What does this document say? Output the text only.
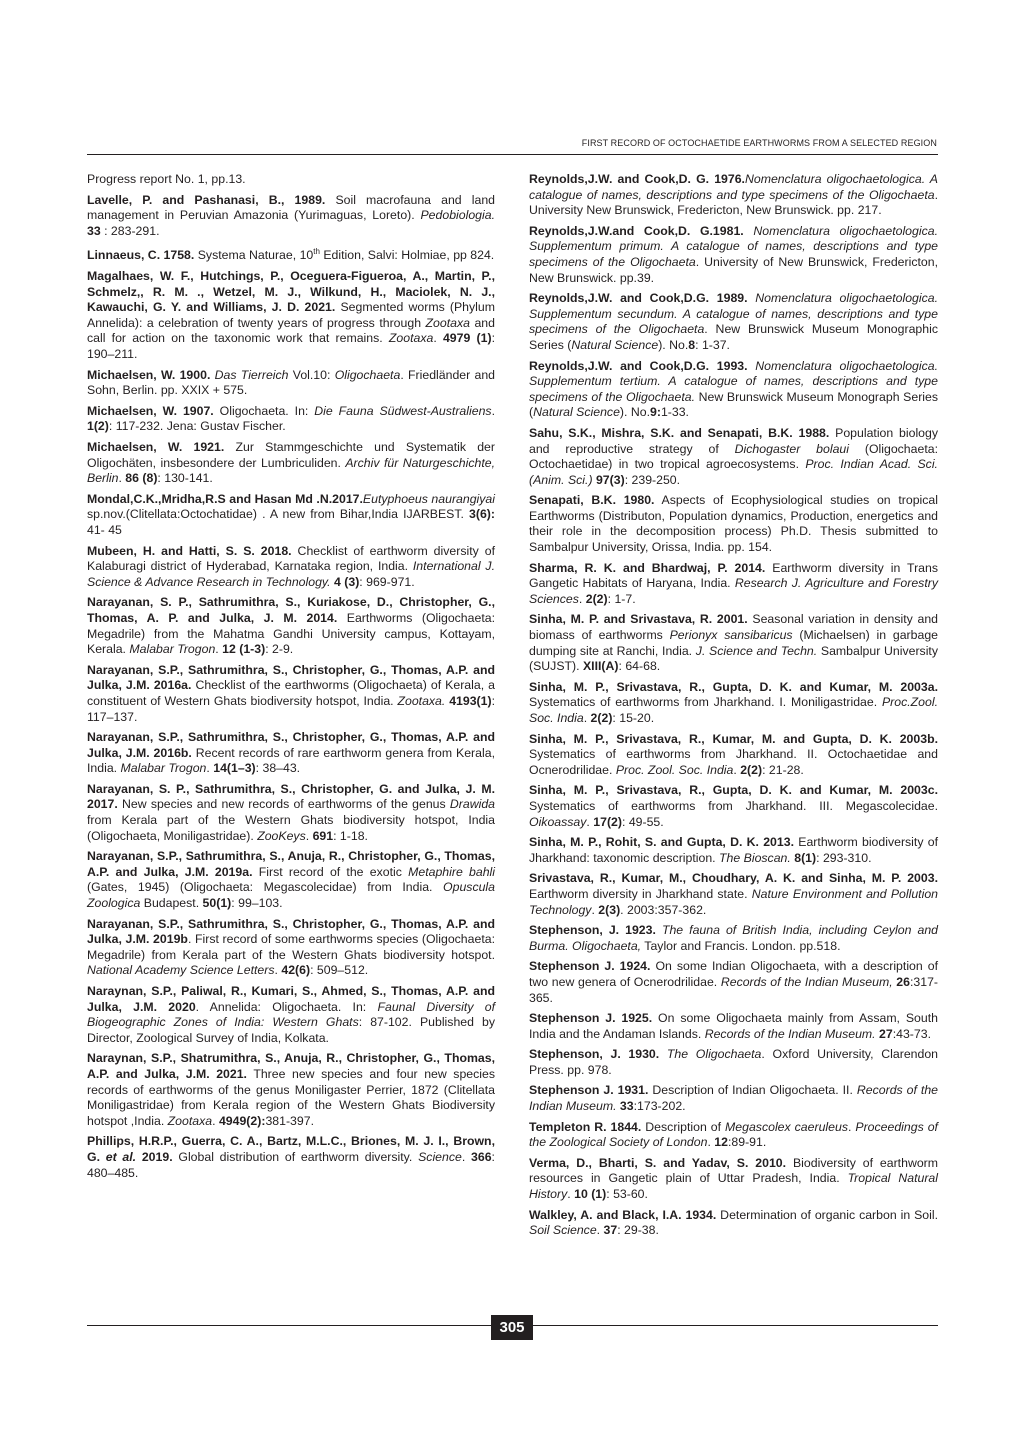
FIRST RECORD OF OCTOCHAETIDE EARTHWORMS FROM A SELECTED REGION

Progress report No. 1, pp.13.

Lavelle, P. and Pashanasi, B., 1989. Soil macrofauna and land management in Peruvian Amazonia (Yurimaguas, Loreto). Pedobiologia. 33 : 283-291.

Linnaeus, C. 1758. Systema Naturae, 10th Edition, Salvi: Holmiae, pp 824.

Magalhaes, W. F., Hutchings, P., Oceguera-Figueroa, A., Martin, P., Schmelz,, R. M. ., Wetzel, M. J., Wilkund, H., Maciolek, N. J., Kawauchi, G. Y. and Williams, J. D. 2021. Segmented worms (Phylum Annelida): a celebration of twenty years of progress through Zootaxa and call for action on the taxonomic work that remains. Zootaxa. 4979 (1): 190–211.

Michaelsen, W. 1900. Das Tierreich Vol.10: Oligochaeta. Friedländer and Sohn, Berlin. pp. XXIX + 575.

Michaelsen, W. 1907. Oligochaeta. In: Die Fauna Südwest-Australiens. 1(2): 117-232. Jena: Gustav Fischer.

Michaelsen, W. 1921. Zur Stammgeschichte und Systematik der Oligochäten, insbesondere der Lumbriculiden. Archiv für Naturgeschichte, Berlin. 86 (8): 130-141.

Mondal,C.K.,Mridha,R.S and Hasan Md .N.2017.Eutyphoeus naurangiyai sp.nov.(Clitellata:Octochatidae) . A new from Bihar,India IJARBEST. 3(6): 41- 45

Mubeen, H. and Hatti, S. S. 2018. Checklist of earthworm diversity of Kalaburagi district of Hyderabad, Karnataka region, India. International J. Science & Advance Research in Technology. 4 (3): 969-971.

Narayanan, S. P., Sathrumithra, S., Kuriakose, D., Christopher, G., Thomas, A. P. and Julka, J. M. 2014. Earthworms (Oligochaeta: Megadrile) from the Mahatma Gandhi University campus, Kottayam, Kerala. Malabar Trogon. 12 (1-3): 2-9.

Narayanan, S.P., Sathrumithra, S., Christopher, G., Thomas, A.P. and Julka, J.M. 2016a. Checklist of the earthworms (Oligochaeta) of Kerala, a constituent of Western Ghats biodiversity hotspot, India. Zootaxa. 4193(1): 117–137.

Narayanan, S.P., Sathrumithra, S., Christopher, G., Thomas, A.P. and Julka, J.M. 2016b. Recent records of rare earthworm genera from Kerala, India. Malabar Trogon. 14(1–3): 38–43.

Narayanan, S. P., Sathrumithra, S., Christopher, G. and Julka, J. M. 2017. New species and new records of earthworms of the genus Drawida from Kerala part of the Western Ghats biodiversity hotspot, India (Oligochaeta, Moniligastridae). ZooKeys. 691: 1-18.

Narayanan, S.P., Sathrumithra, S., Anuja, R., Christopher, G., Thomas, A.P. and Julka, J.M. 2019a. First record of the exotic Metaphire bahli (Gates, 1945) (Oligochaeta: Megascolecidae) from India. Opuscula Zoologica Budapest. 50(1): 99–103.

Narayanan, S.P., Sathrumithra, S., Christopher, G., Thomas, A.P. and Julka, J.M. 2019b. First record of some earthworms species (Oligochaeta: Megadrile) from Kerala part of the Western Ghats biodiversity hotspot. National Academy Science Letters. 42(6): 509–512.

Naraynan, S.P., Paliwal, R., Kumari, S., Ahmed, S., Thomas, A.P. and Julka, J.M. 2020. Annelida: Oligochaeta. In: Faunal Diversity of Biogeographic Zones of India: Western Ghats: 87-102. Published by Director, Zoological Survey of India, Kolkata.

Naraynan, S.P., Shatrumithra, S., Anuja, R., Christopher, G., Thomas, A.P. and Julka, J.M. 2021. Three new species and four new species records of earthworms of the genus Moniligaster Perrier, 1872 (Clitellata Moniligastridae) from Kerala region of the Western Ghats Biodiversity hotspot ,India. Zootaxa. 4949(2):381-397.

Phillips, H.R.P., Guerra, C. A., Bartz, M.L.C., Briones, M. J. I., Brown, G. et al. 2019. Global distribution of earthworm diversity. Science. 366: 480–485.

Reynolds,J.W. and Cook,D. G. 1976.Nomenclatura oligochaetologica. A catalogue of names, descriptions and type specimens of the Oligochaeta. University New Brunswick, Fredericton, New Brunswick. pp. 217.

Reynolds,J.W.and Cook,D. G.1981. Nomenclatura oligochaetologica. Supplementum primum. A catalogue of names, descriptions and type specimens of the Oligochaeta. University of New Brunswick, Fredericton, New Brunswick. pp.39.

Reynolds,J.W. and Cook,D.G. 1989. Nomenclatura oligochaetologica. Supplementum secundum. A catalogue of names, descriptions and type specimens of the Oligochaeta. New Brunswick Museum Monographic Series (Natural Science). No.8: 1-37.

Reynolds,J.W. and Cook,D.G. 1993. Nomenclatura oligochaetologica. Supplementum tertium. A catalogue of names, descriptions and type specimens of the Oligochaeta. New Brunswick Museum Monograph Series (Natural Science). No.9:1-33.

Sahu, S.K., Mishra, S.K. and Senapati, B.K. 1988. Population biology and reproductive strategy of Dichogaster bolaui (Oligochaeta: Octochaetidae) in two tropical agroecosystems. Proc. Indian Acad. Sci. (Anim. Sci.) 97(3): 239-250.

Senapati, B.K. 1980. Aspects of Ecophysiological studies on tropical Earthworms (Distributon, Population dynamics, Production, energetics and their role in the decomposition process) Ph.D. Thesis submitted to Sambalpur University, Orissa, India. pp. 154.

Sharma, R. K. and Bhardwaj, P. 2014. Earthworm diversity in Trans Gangetic Habitats of Haryana, India. Research J. Agriculture and Forestry Sciences. 2(2): 1-7.

Sinha, M. P. and Srivastava, R. 2001. Seasonal variation in density and biomass of earthworms Perionyx sansibaricus (Michaelsen) in garbage dumping site at Ranchi, India. J. Science and Techn. Sambalpur University (SUJST). XIII(A): 64-68.

Sinha, M. P., Srivastava, R., Gupta, D. K. and Kumar, M. 2003a. Systematics of earthworms from Jharkhand. I. Moniligastridae. Proc.Zool. Soc. India. 2(2): 15-20.

Sinha, M. P., Srivastava, R., Kumar, M. and Gupta, D. K. 2003b. Systematics of earthworms from Jharkhand. II. Octochaetidae and Ocnerodrilidae. Proc. Zool. Soc. India. 2(2): 21-28.

Sinha, M. P., Srivastava, R., Gupta, D. K. and Kumar, M. 2003c. Systematics of earthworms from Jharkhand. III. Megascolecidae. Oikoassay. 17(2): 49-55.

Sinha, M. P., Rohit, S. and Gupta, D. K. 2013. Earthworm biodiversity of Jharkhand: taxonomic description. The Bioscan. 8(1): 293-310.

Srivastava, R., Kumar, M., Choudhary, A. K. and Sinha, M. P. 2003. Earthworm diversity in Jharkhand state. Nature Environment and Pollution Technology. 2(3). 2003:357-362.

Stephenson, J. 1923. The fauna of British India, including Ceylon and Burma. Oligochaeta, Taylor and Francis. London. pp.518.

Stephenson J. 1924. On some Indian Oligochaeta, with a description of two new genera of Ocnerodrilidae. Records of the Indian Museum, 26:317-365.

Stephenson J. 1925. On some Oligochaeta mainly from Assam, South India and the Andaman Islands. Records of the Indian Museum. 27:43-73.

Stephenson, J. 1930. The Oligochaeta. Oxford University, Clarendon Press. pp. 978.

Stephenson J. 1931. Description of Indian Oligochaeta. II. Records of the Indian Museum. 33:173-202.

Templeton R. 1844. Description of Megascolex caeruleus. Proceedings of the Zoological Society of London. 12:89-91.

Verma, D., Bharti, S. and Yadav, S. 2010. Biodiversity of earthworm resources in Gangetic plain of Uttar Pradesh, India. Tropical Natural History. 10 (1): 53-60.

Walkley, A. and Black, I.A. 1934. Determination of organic carbon in Soil. Soil Science. 37: 29-38.

305
